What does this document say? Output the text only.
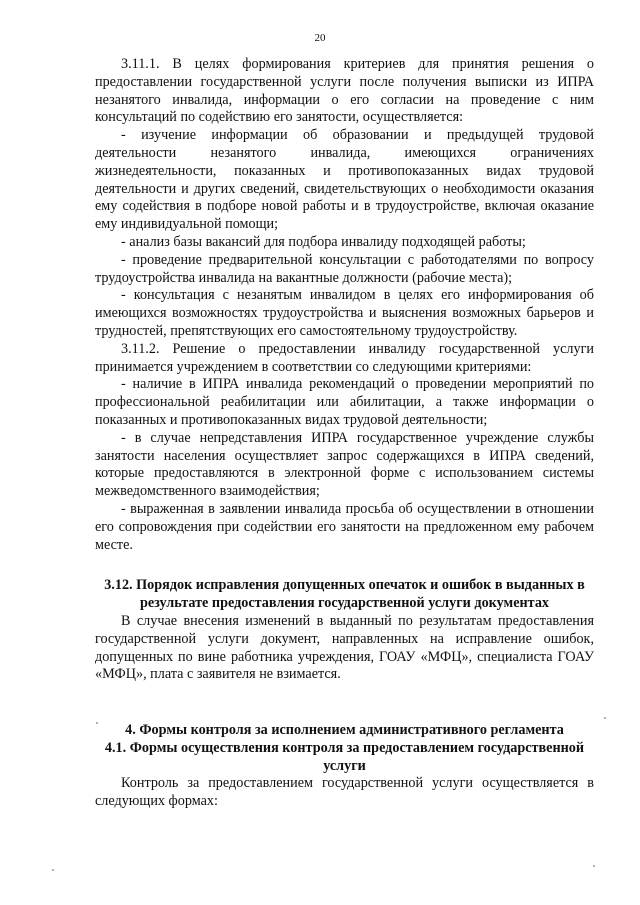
20

3.11.1. В целях формирования критериев для принятия решения о предоставлении государственной услуги после получения выписки из ИПРА незанятого инвалида, информации о его согласии на проведение с ним консультаций по содействию его занятости, осуществляется:

- изучение информации об образовании и предыдущей трудовой деятельности незанятого инвалида, имеющихся ограничениях жизнедеятельности, показанных и противопоказанных видах трудовой деятельности и других сведений, свидетельствующих о необходимости оказания ему содействия в подборе новой работы и в трудоустройстве, включая оказание ему индивидуальной помощи;

- анализ базы вакансий для подбора инвалиду подходящей работы;

- проведение предварительной консультации с работодателями по вопросу трудоустройства инвалида на вакантные должности (рабочие места);

- консультация с незанятым инвалидом в целях его информирования об имеющихся возможностях трудоустройства и выяснения возможных барьеров и трудностей, препятствующих его самостоятельному трудоустройству.

3.11.2. Решение о предоставлении инвалиду государственной услуги принимается учреждением в соответствии со следующими критериями:

- наличие в ИПРА инвалида рекомендаций о проведении мероприятий по профессиональной реабилитации или абилитации, а также информации о показанных и противопоказанных видах трудовой деятельности;

- в случае непредставления ИПРА государственное учреждение службы занятости населения осуществляет запрос содержащихся в ИПРА сведений, которые предоставляются в электронной форме с использованием системы межведомственного взаимодействия;

- выраженная в заявлении инвалида просьба об осуществлении в отношении его сопровождения при содействии его занятости на предложенном ему рабочем месте.

3.12. Порядок исправления допущенных опечаток и ошибок в выданных в результате предоставления государственной услуги документах

В случае внесения изменений в выданный по результатам предоставления государственной услуги документ, направленных на исправление ошибок, допущенных по вине работника учреждения, ГОАУ «МФЦ», специалиста ГОАУ «МФЦ», плата с заявителя не взимается.

4. Формы контроля за исполнением административного регламента

4.1. Формы осуществления контроля за предоставлением государственной услуги

Контроль за предоставлением государственной услуги осуществляется в следующих формах:
